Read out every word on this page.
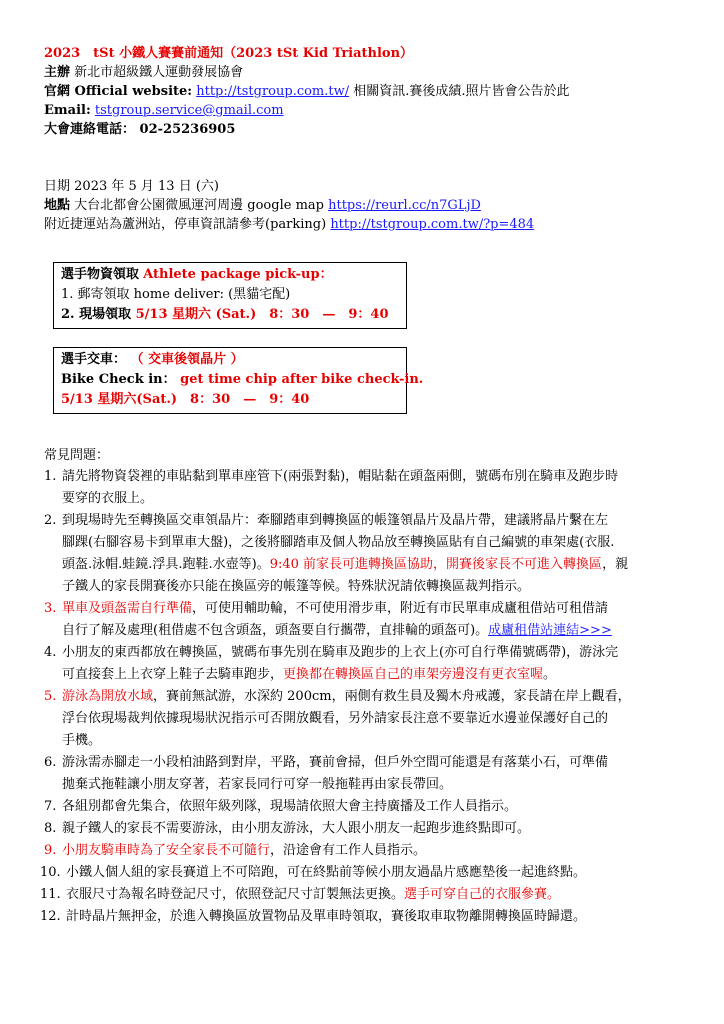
2023　tSt 小鐵人賽賽前通知（2023 tSt Kid Triathlon）
主辦 新北市超級鐵人運動發展協會
官網 Official website: http://tstgroup.com.tw/ 相關資訊.賽後成績.照片皆會公告於此
Email: tstgroup.service@gmail.com
大會連絡電話： 02-25236905
日期 2023 年 5 月 13 日 (六)
地點 大台北都會公園微風運河周邊 google map https://reurl.cc/n7GLjD
附近捷運站為蘆洲站，停車資訊請參考(parking) http://tstgroup.com.tw/?p=484
選手物資領取 Athlete package pick-up：
1. 郵寄領取 home deliver: (黑貓宅配)
2. 現場領取 5/13 星期六 (Sat.)　8：30　—　9：40
選手交車： （ 交車後領晶片 ）
Bike Check in： get time chip after bike check-in.
5/13 星期六(Sat.)　8：30　—　9：40
常見問題：
1. 請先將物資袋裡的車貼黏到單車座管下(兩張對黏)，帽貼黏在頭盔兩側，號碼布別在騎車及跑步時
要穿的衣服上。
2. 到現場時先至轉換區交車領晶片：牽腳踏車到轉換區的帳篷領晶片及晶片帶，建議將晶片繫在左
腳踝(右腳容易卡到單車大盤)，之後將腳踏車及個人物品放至轉換區貼有自己編號的車架處(衣服.
頭盔.泳帽.蛙鏡.浮具.跑鞋.水壺等)。9:40 前家長可進轉換區協助，開賽後家長不可進入轉換區，親
子鐵人的家長開賽後亦只能在換區旁的帳篷等候。特殊狀況請依轉換區裁判指示。
3. 單車及頭盔需自行準備，可使用輔助輪，不可使用滑步車，附近有市民單車成廬租借站可租借請
自行了解及處理(租借處不包含頭盔，頭盔要自行攜帶，直排輪的頭盔可)。成廬租借站連結>>>
4. 小朋友的東西都放在轉換區，號碼布事先別在騎車及跑步的上衣上(亦可自行準備號碼帶)，游泳完
可直接套上上衣穿上鞋子去騎車跑步，更換都在轉換區自己的車架旁邊沒有更衣室喔。
5. 游泳為開放水域，賽前無試游，水深約 200cm，兩側有救生員及獨木舟戒護，家長請在岸上觀看，
浮台依現場裁判依據現場狀況指示可否開放觀看，另外請家長注意不要靠近水邊並保護好自己的
手機。
6. 游泳需赤腳走一小段柏油路到對岸，平路，賽前會掃，但戶外空間可能還是有落葉小石，可準備
拋棄式拖鞋讓小朋友穿著，若家長同行可穿一般拖鞋再由家長帶回。
7. 各組別都會先集合，依照年級列隊，現場請依照大會主持廣播及工作人員指示。
8. 親子鐵人的家長不需要游泳，由小朋友游泳，大人跟小朋友一起跑步進終點即可。
9. 小朋友騎車時為了安全家長不可隨行，沿途會有工作人員指示。
10. 小鐵人個人組的家長賽道上不可陪跑，可在終點前等候小朋友過晶片感應墊後一起進終點。
11. 衣服尺寸為報名時登記尺寸，依照登記尺寸訂製無法更換。選手可穿自己的衣服參賽。
12. 計時晶片無押金，於進入轉換區放置物品及單車時領取，賽後取車取物離開轉換區時歸還。
